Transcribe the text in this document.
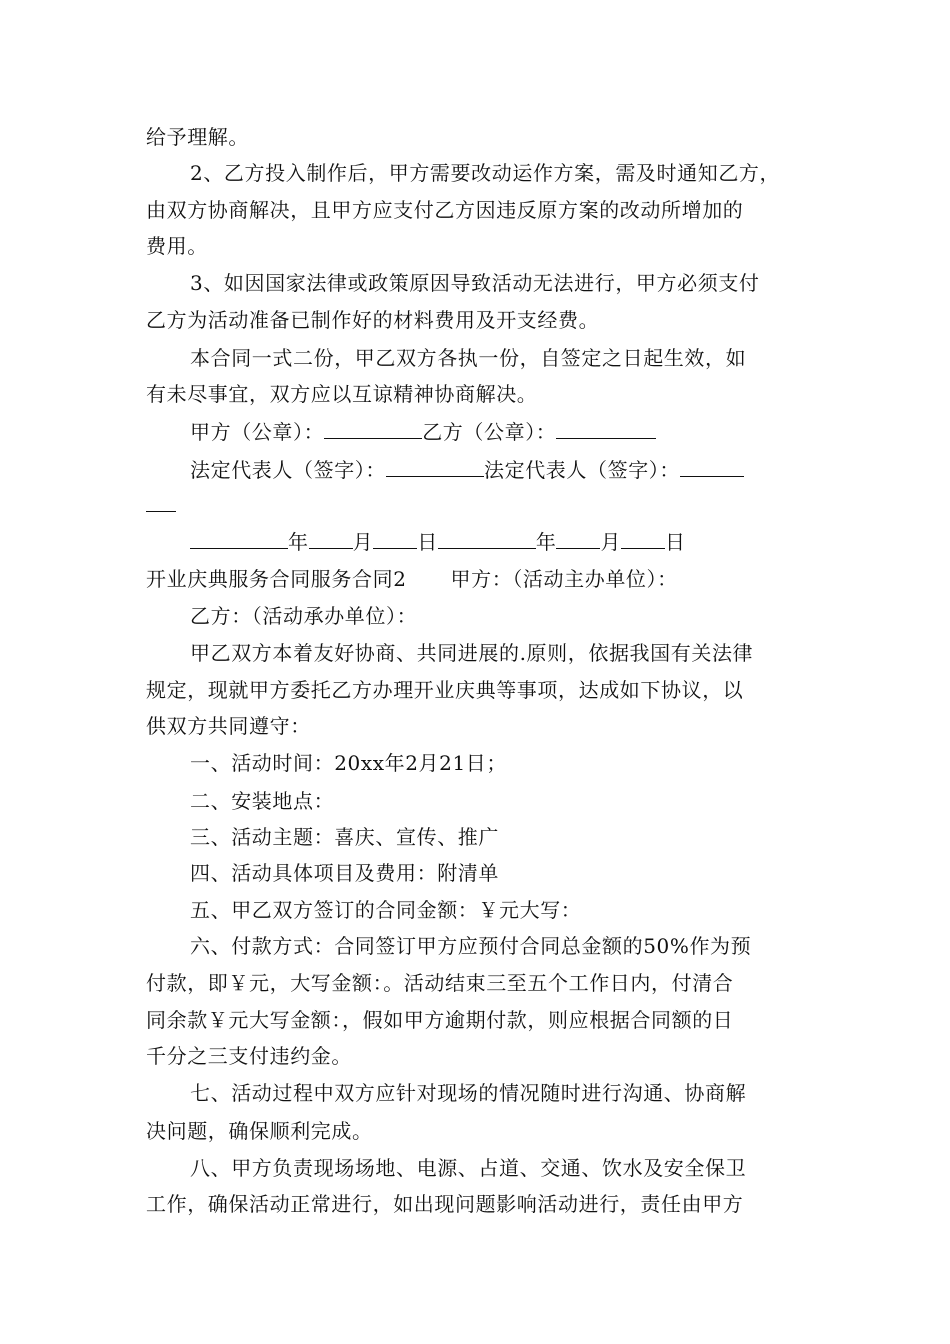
给予理解。
2、乙方投入制作后，甲方需要改动运作方案，需及时通知乙方，
由双方协商解决，且甲方应支付乙方因违反原方案的改动所增加的
费用。
3、如因国家法律或政策原因导致活动无法进行，甲方必须支付
乙方为活动准备已制作好的材料费用及开支经费。
本合同一式二份，甲乙双方各执一份，自签定之日起生效，如
有未尽事宜，双方应以互谅精神协商解决。
甲方（公章）：	乙方（公章）：
法定代表人（签字）：	法定代表人（签字）：
年 月 日	年 月 日
开业庆典服务合同服务合同2 甲方：（活动主办单位）：
乙方：（活动承办单位）：
甲乙双方本着友好协商、共同进展的.原则，依据我国有关法律
规定，现就甲方委托乙方办理开业庆典等事项，达成如下协议，以
供双方共同遵守：
一、活动时间：20xx年2月21日；
二、安装地点：
三、活动主题：喜庆、宣传、推广
四、活动具体项目及费用：附清单
五、甲乙双方签订的合同金额：￥元大写：
六、付款方式：合同签订甲方应预付合同总金额的50%作为预
付款，即￥元，大写金额：。活动结束三至五个工作日内，付清合
同余款￥元大写金额：，假如甲方逾期付款，则应根据合同额的日
千分之三支付违约金。
七、活动过程中双方应针对现场的情况随时进行沟通、协商解
决问题，确保顺利完成。
八、甲方负责现场场地、电源、占道、交通、饮水及安全保卫
工作，确保活动正常进行，如出现问题影响活动进行，责任由甲方
